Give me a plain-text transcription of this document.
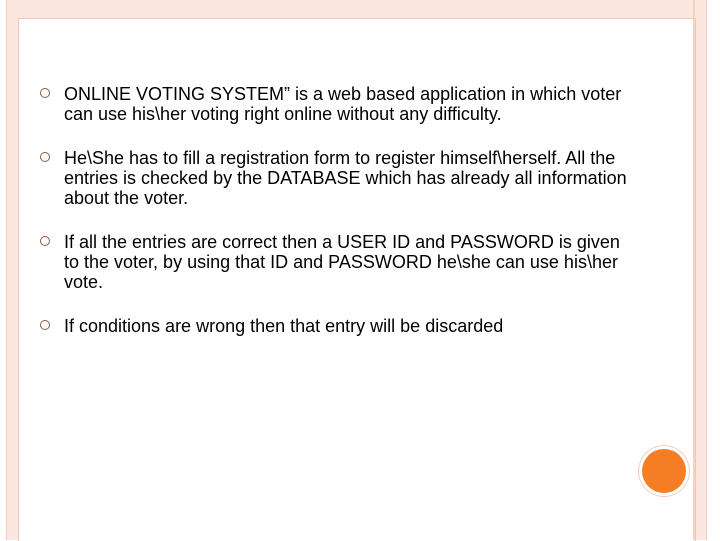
ONLINE VOTING SYSTEM” is a web based application in which voter can use his\her voting right online without any difficulty.
He\She has to fill a registration form to register himself\herself. All the entries is checked by the DATABASE which has already all information about the voter.
If all the entries are correct then a USER ID and PASSWORD is given to the voter, by using that ID and PASSWORD he\she can use his\her vote.
If conditions are wrong then that entry will be discarded
